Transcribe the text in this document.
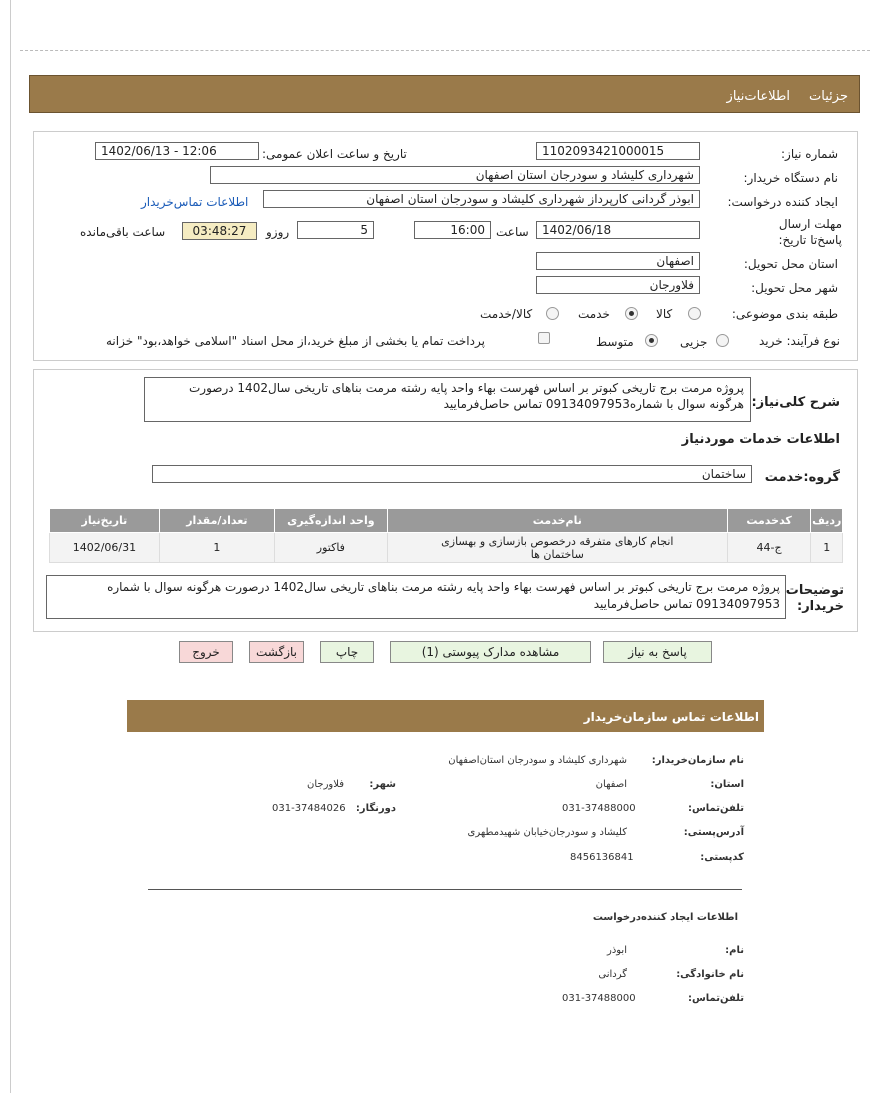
جزئيات
اطلاعات‌نیاز
شماره نیاز:
1102093421000015
تاریخ و ساعت اعلان عمومی:
1402/06/13 - 12:06
نام دستگاه خریدار:
شهرداری کلیشاد و سودرجان استان اصفهان
ایجاد کننده درخواست:
ابوذر گردانی کارپرداز شهرداری کلیشاد و سودرجان استان اصفهان
اطلاعات تماس‌خریدار
مهلت ارسال پاسخ‌تا تاریخ:
1402/06/18
ساعت
16:00
5
روزو
03:48:27
ساعت باقی‌مانده
استان محل تحویل:
اصفهان
شهر محل تحویل:
فلاورجان
طبقه بندی موضوعی:
کالا
خدمت
کالا/خدمت
نوع فرآیند: خرید
جزیی
متوسط
پرداخت تمام یا بخشی از مبلغ خرید،از محل اسناد "اسلامی خواهد،بود" خزانه
شرح کلی‌نیاز:
پروژه مرمت برج تاریخی کبوتر بر اساس فهرست بهاء واحد پایه رشته مرمت بناهای تاریخی سال1402 درصورت هرگونه سوال با شماره09134097953 تماس حاصل‌فرمایید
اطلاعات خدمات موردنیاز
گروه:خدمت
ساختمان
ردیف	کدخدمت	نام‌خدمت	واحد اندازه‌گیری	تعداد/مقدار	تاریخ‌نیاز
1	ج-44	انجام کارهای متفرقه درخصوص بازسازی و بهسازی ساختمان ها	فاکتور	1	1402/06/31
توضیحات خریدار:
پروژه مرمت برج تاریخی کبوتر بر اساس فهرست بهاء واحد پایه رشته مرمت بناهای تاریخی سال1402 درصورت هرگونه سوال با شماره 09134097953 تماس حاصل‌فرمایید
پاسخ به نیاز
مشاهده مدارک پیوستی (1)
چاپ
بازگشت
خروج
اطلاعات تماس سازمان‌خریدار
نام سازمان‌خریدار:
شهرداری کلیشاد و سودرجان استان‌اصفهان
استان:
اصفهان
شهر:
فلاورجان
تلفن‌تماس:
031-37488000
دورنگار:
031-37484026
آدرس‌پستی:
کلیشاد و سودرجان‌خیابان شهیدمطهری
کدپستی:
8456136841
اطلاعات ایجاد کننده‌درخواست
نام:
ابوذر
نام خانوادگی:
گردانی
تلفن‌تماس:
031-37488000
